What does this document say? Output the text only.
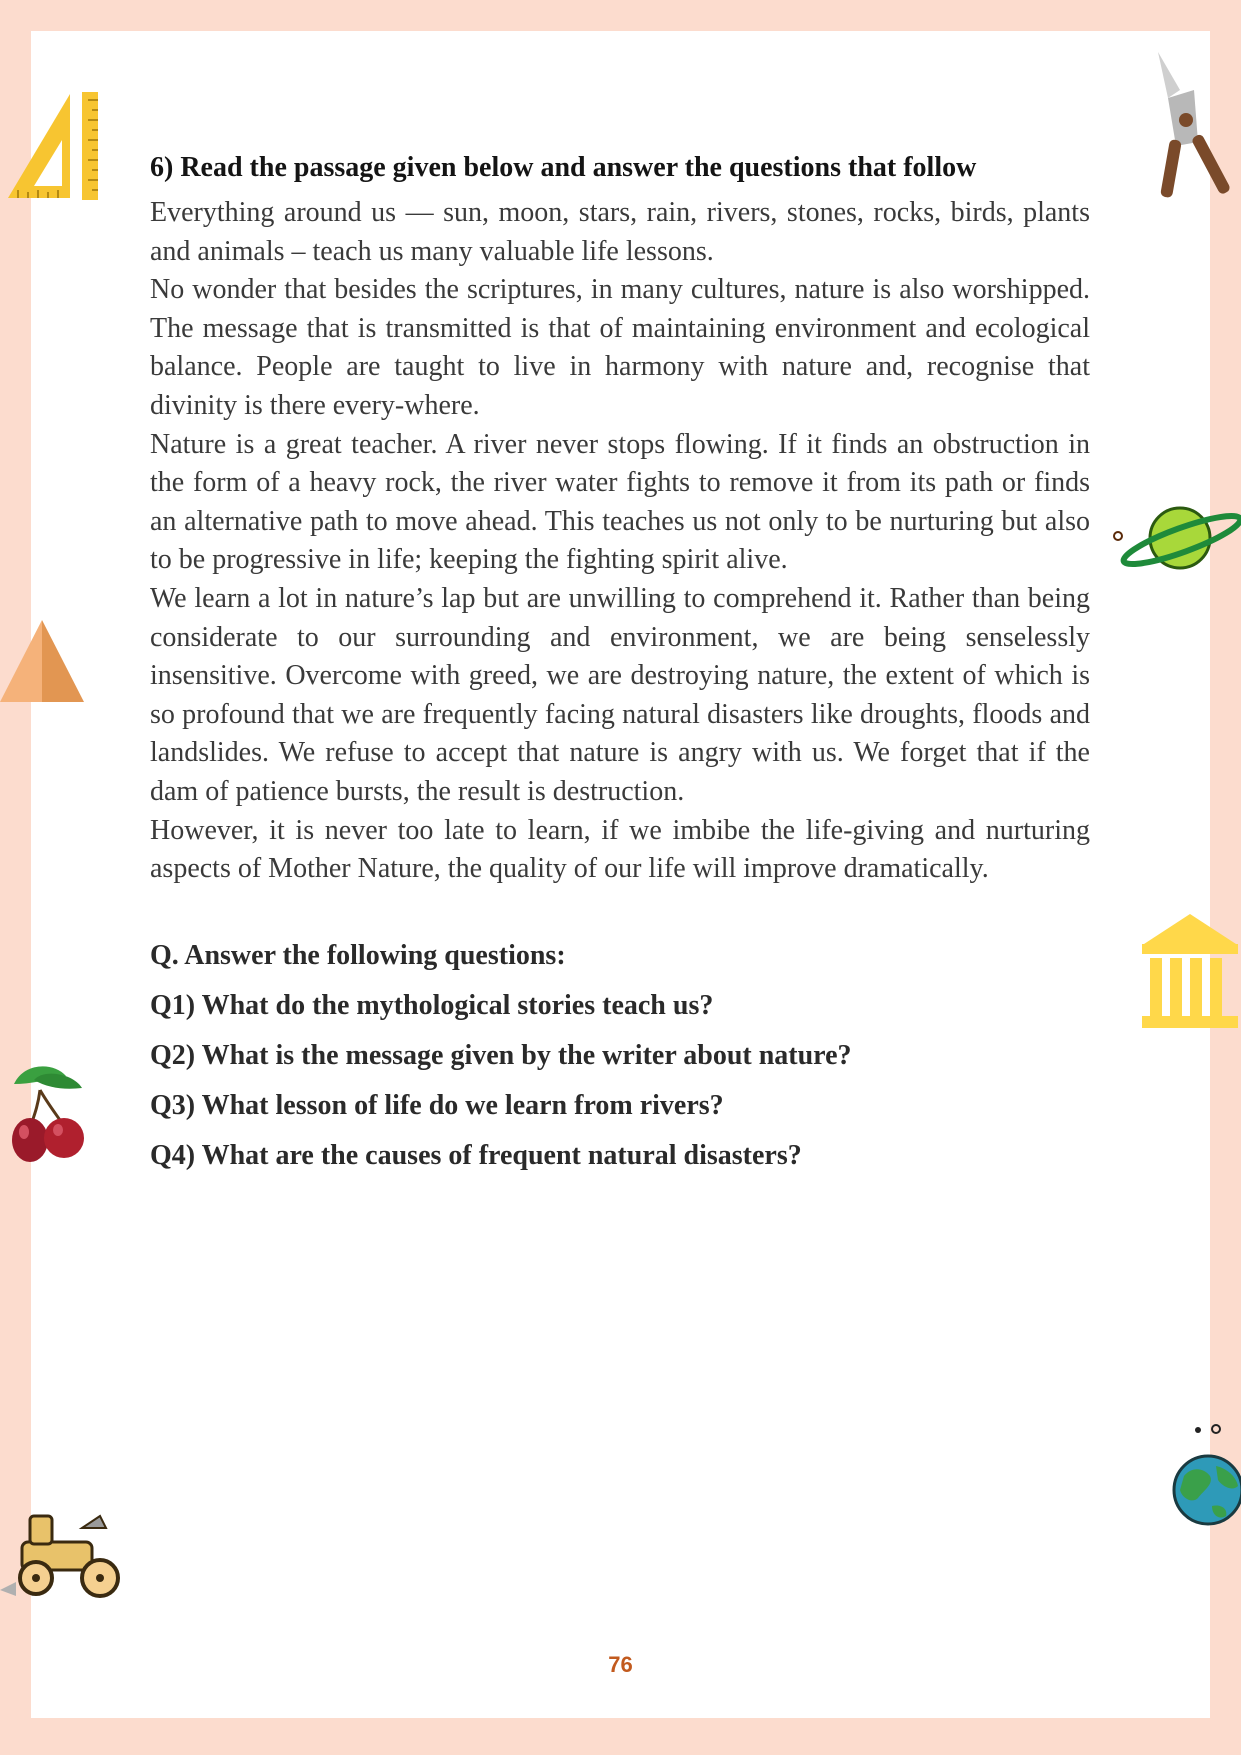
6) Read the passage given below and answer the questions that follow

Everything around us — sun, moon, stars, rain, rivers, stones, rocks, birds, plants and animals – teach us many valuable life lessons.

No wonder that besides the scriptures, in many cultures, nature is also worshipped. The message that is transmitted is that of maintaining environment and ecological balance. People are taught to live in harmony with nature and, recognise that divinity is there every-where.

Nature is a great teacher. A river never stops flowing. If it finds an obstruction in the form of a heavy rock, the river water fights to remove it from its path or finds an alternative path to move ahead. This teaches us not only to be nurturing but also to be progressive in life; keeping the fighting spirit alive.

We learn a lot in nature’s lap but are unwilling to comprehend it. Rather than being considerate to our surrounding and environment, we are being senselessly insensitive. Overcome with greed, we are destroying nature, the extent of which is so profound that we are frequently facing natural disasters like droughts, floods and landslides. We refuse to accept that nature is angry with us. We forget that if the dam of patience bursts, the result is destruction.

However, it is never too late to learn, if we imbibe the life-giving and nurturing aspects of Mother Nature, the quality of our life will improve dramatically.

Q. Answer the following questions:

Q1) What do the mythological stories teach us?

Q2) What is the message given by the writer about nature?

Q3) What lesson of life do we learn from rivers?

Q4) What are the causes of frequent natural disasters?

76
